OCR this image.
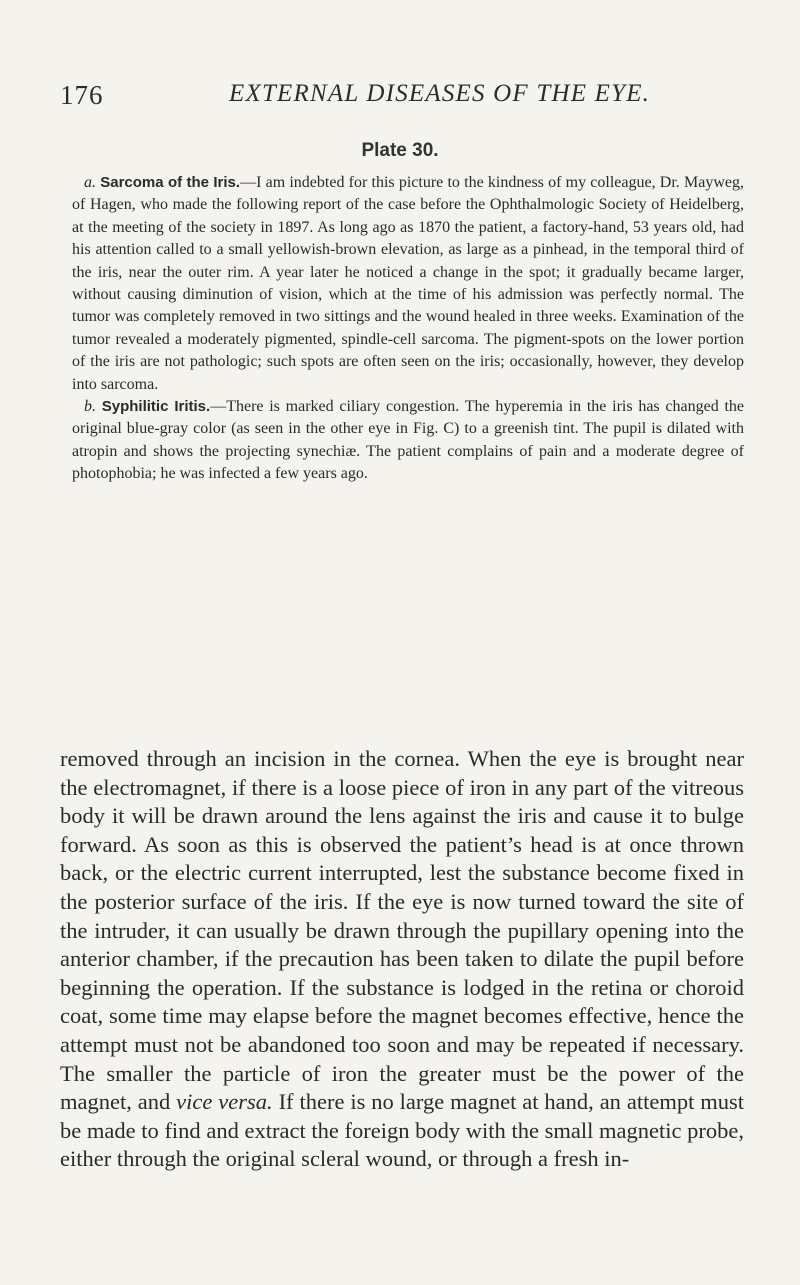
176	EXTERNAL DISEASES OF THE EYE.
Plate 30.

a. Sarcoma of the Iris.—I am indebted for this picture to the kindness of my colleague, Dr. Mayweg, of Hagen, who made the following report of the case before the Ophthalmologic Society of Heidelberg, at the meeting of the society in 1897. As long ago as 1870 the patient, a factory-hand, 53 years old, had his attention called to a small yellowish-brown elevation, as large as a pinhead, in the temporal third of the iris, near the outer rim. A year later he noticed a change in the spot; it gradually became larger, without causing diminution of vision, which at the time of his admission was perfectly normal. The tumor was completely removed in two sittings and the wound healed in three weeks. Examination of the tumor revealed a moderately pigmented, spindle-cell sarcoma. The pigment-spots on the lower portion of the iris are not pathologic; such spots are often seen on the iris; occasionally, however, they develop into sarcoma.

b. Syphilitic Iritis.—There is marked ciliary congestion. The hyperemia in the iris has changed the original blue-gray color (as seen in the other eye in Fig. C) to a greenish tint. The pupil is dilated with atropin and shows the projecting synechiæ. The patient complains of pain and a moderate degree of photophobia; he was infected a few years ago.

removed through an incision in the cornea. When the eye is brought near the electromagnet, if there is a loose piece of iron in any part of the vitreous body it will be drawn around the lens against the iris and cause it to bulge forward. As soon as this is observed the patient’s head is at once thrown back, or the electric current interrupted, lest the substance become fixed in the posterior surface of the iris. If the eye is now turned toward the site of the intruder, it can usually be drawn through the pupillary opening into the anterior chamber, if the precaution has been taken to dilate the pupil before beginning the operation. If the substance is lodged in the retina or choroid coat, some time may elapse before the magnet becomes effective, hence the attempt must not be abandoned too soon and may be repeated if necessary. The smaller the particle of iron the greater must be the power of the magnet, and vice versa. If there is no large magnet at hand, an attempt must be made to find and extract the foreign body with the small magnetic probe, either through the original scleral wound, or through a fresh in-
